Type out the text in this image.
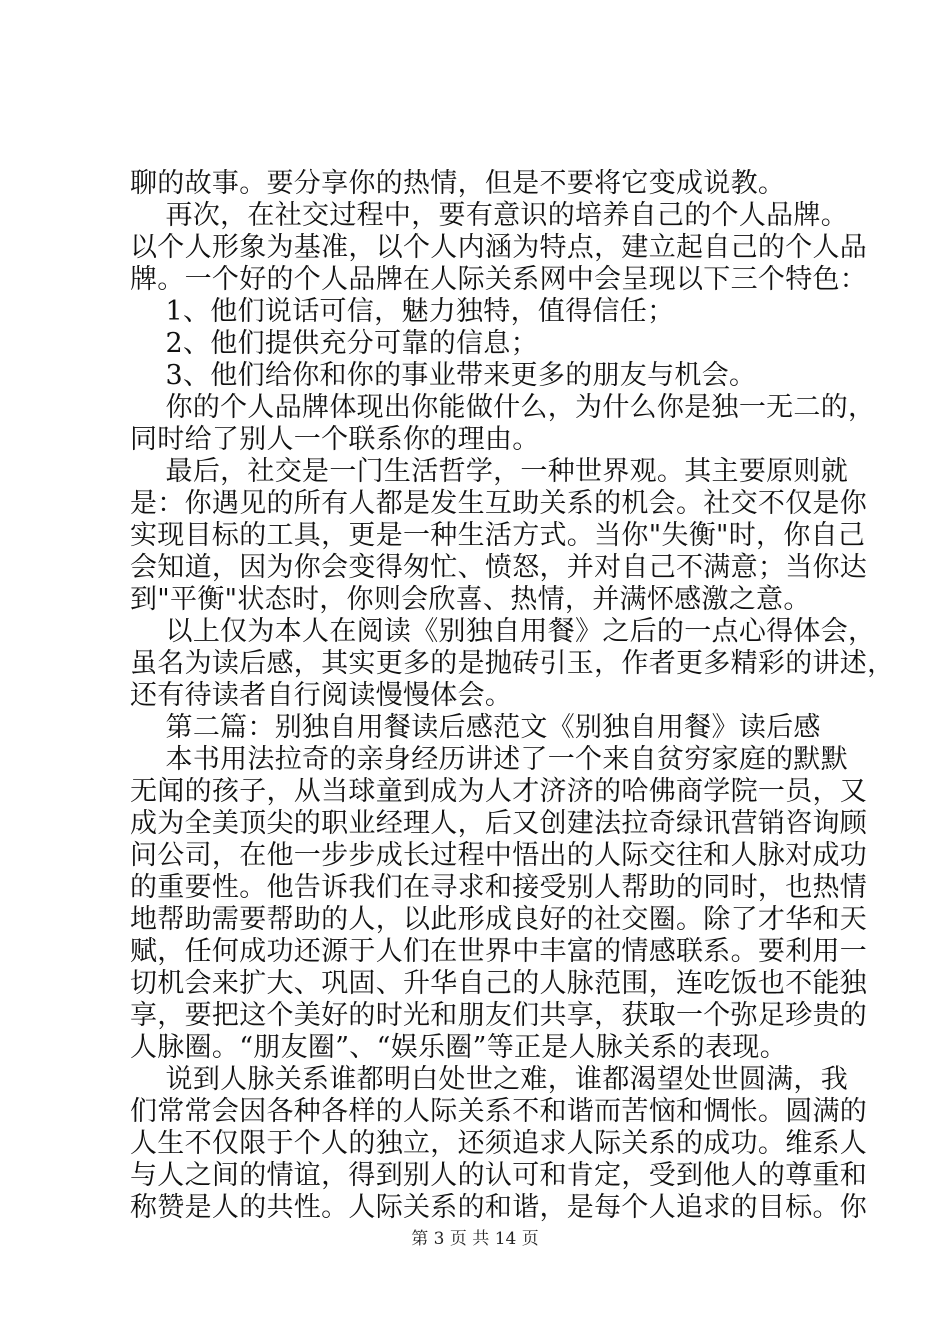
聊的故事。要分享你的热情，但是不要将它变成说教。
再次，在社交过程中，要有意识的培养自己的个人品牌。
以个人形象为基准，以个人内涵为特点，建立起自己的个人品
牌。一个好的个人品牌在人际关系网中会呈现以下三个特色：
1、他们说话可信，魅力独特，值得信任；
2、他们提供充分可靠的信息；
3、他们给你和你的事业带来更多的朋友与机会。
你的个人品牌体现出你能做什么，为什么你是独一无二的，
同时给了别人一个联系你的理由。
最后，社交是一门生活哲学，一种世界观。其主要原则就
是：你遇见的所有人都是发生互助关系的机会。社交不仅是你
实现目标的工具，更是一种生活方式。当你"失衡"时，你自己
会知道，因为你会变得匆忙、愤怒，并对自己不满意；当你达
到"平衡"状态时，你则会欣喜、热情，并满怀感激之意。
以上仅为本人在阅读《别独自用餐》之后的一点心得体会，
虽名为读后感，其实更多的是抛砖引玉，作者更多精彩的讲述，
还有待读者自行阅读慢慢体会。
第二篇：别独自用餐读后感范文《别独自用餐》读后感
本书用法拉奇的亲身经历讲述了一个来自贫穷家庭的默默
无闻的孩子，从当球童到成为人才济济的哈佛商学院一员，又
成为全美顶尖的职业经理人，后又创建法拉奇绿讯营销咨询顾
问公司，在他一步步成长过程中悟出的人际交往和人脉对成功
的重要性。他告诉我们在寻求和接受别人帮助的同时，也热情
地帮助需要帮助的人，以此形成良好的社交圈。除了才华和天
赋，任何成功还源于人们在世界中丰富的情感联系。要利用一
切机会来扩大、巩固、升华自己的人脉范围，连吃饭也不能独
享，要把这个美好的时光和朋友们共享，获取一个弥足珍贵的
人脉圈。“朋友圈”、“娱乐圈”等正是人脉关系的表现。
说到人脉关系谁都明白处世之难，谁都渴望处世圆满，我
们常常会因各种各样的人际关系不和谐而苦恼和惆怅。圆满的
人生不仅限于个人的独立，还须追求人际关系的成功。维系人
与人之间的情谊，得到别人的认可和肯定，受到他人的尊重和
称赞是人的共性。人际关系的和谐，是每个人追求的目标。你
第 3 页 共 14 页
